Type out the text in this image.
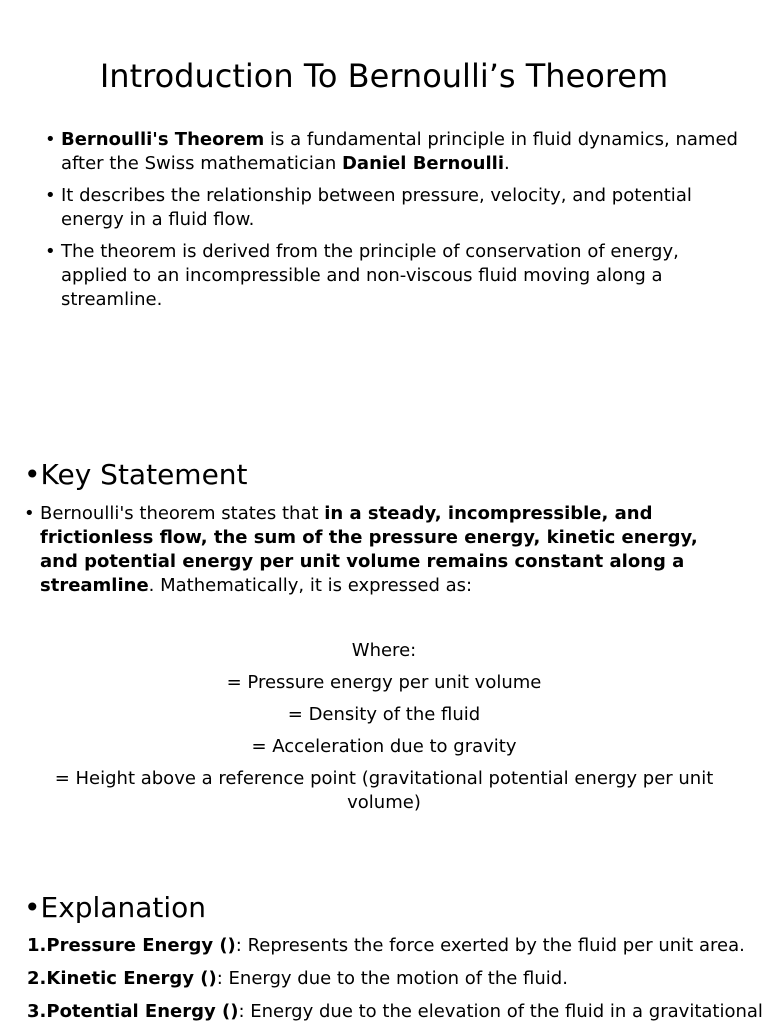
Introduction To Bernoulli’s Theorem
• Bernoulli's Theorem is a fundamental principle in fluid dynamics, named after the Swiss mathematician Daniel Bernoulli.
• It describes the relationship between pressure, velocity, and potential energy in a fluid flow.
• The theorem is derived from the principle of conservation of energy, applied to an incompressible and non-viscous fluid moving along a streamline.
•Key Statement
• Bernoulli's theorem states that in a steady, incompressible, and frictionless flow, the sum of the pressure energy, kinetic energy, and potential energy per unit volume remains constant along a streamline. Mathematically, it is expressed as:

Where:

= Pressure energy per unit volume

= Density of the fluid

= Acceleration due to gravity

= Height above a reference point (gravitational potential energy per unit volume)

•Explanation
1.Pressure Energy (): Represents the force exerted by the fluid per unit area.
2.Kinetic Energy (): Energy due to the motion of the fluid.
3.Potential Energy (): Energy due to the elevation of the fluid in a gravitational
